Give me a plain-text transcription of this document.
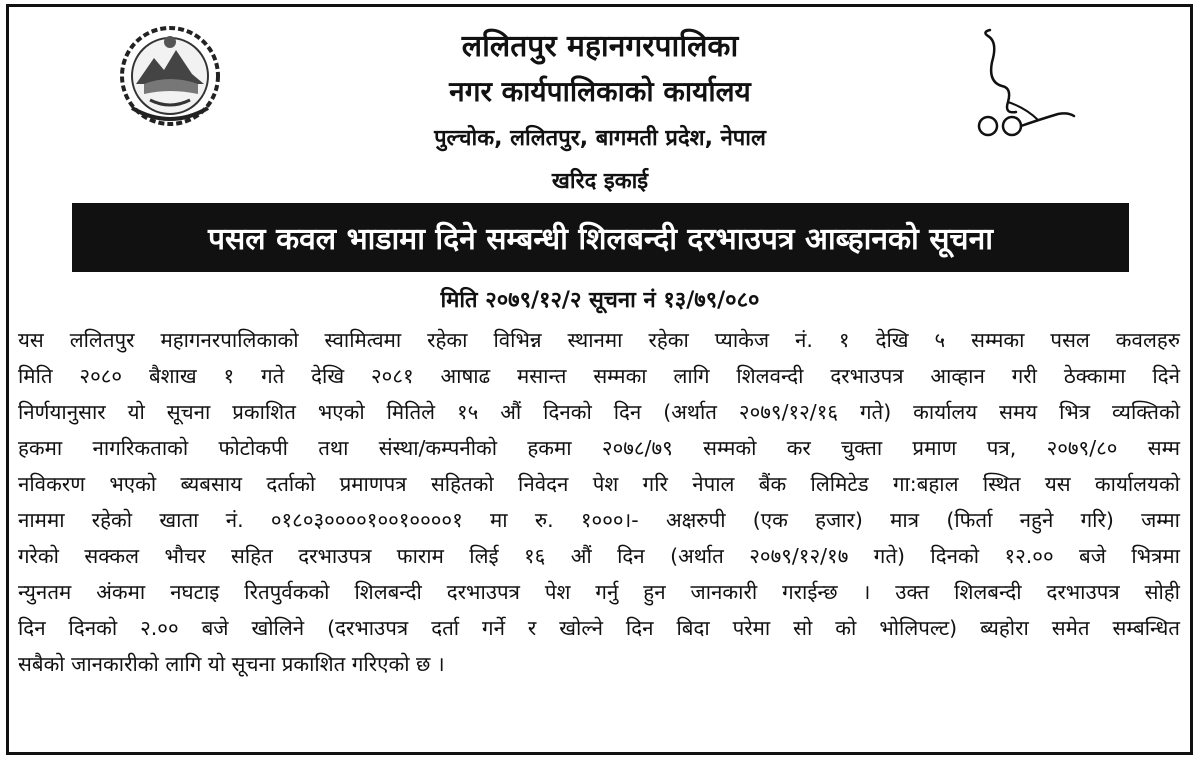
ललितपुर महानगरपालिका
नगर कार्यपालिकाको कार्यालय
पुल्चोक, ललितपुर, बागमती प्रदेश, नेपाल
खरिद इकाई
पसल कवल भाडामा दिने सम्बन्धी शिलबन्दी दरभाउपत्र आब्हानको सूचना
मिति २०७९/१२/२ सूचना नं १३/७९/०८०
यस ललितपुर महागनरपालिकाको स्वामित्वमा रहेका विभिन्न स्थानमा रहेका प्याकेज नं. १ देखि ५ सम्मका पसल कवलहरु
मिति २०८० बैशाख १ गते देखि २०८१ आषाढ मसान्त सम्मका लागि शिलवन्दी दरभाउपत्र आव्हान गरी ठेक्कामा दिने
निर्णयानुसार यो सूचना प्रकाशित भएको मितिले १५ औं दिनको दिन (अर्थात २०७९/१२/१६ गते) कार्यालय समय भित्र व्यक्तिको
हकमा नागरिकताको फोटोकपी तथा संस्था/कम्पनीको हकमा २०७८/७९ सम्मको कर चुक्ता प्रमाण पत्र, २०७९/८० सम्म
नविकरण भएको ब्यबसाय दर्ताको प्रमाणपत्र सहितको निवेदन पेश गरि नेपाल बैंक लिमिटेड गा:बहाल स्थित यस कार्यालयको
नाममा रहेको खाता नं. ०१८०३००००१००१००००१ मा रु. १०००।- अक्षरुपी (एक हजार) मात्र (फिर्ता नहुने गरि) जम्मा
गरेको सक्कल भौचर सहित दरभाउपत्र फाराम लिई १६ औं दिन (अर्थात २०७९/१२/१७ गते) दिनको १२.०० बजे भित्रमा
न्युनतम अंकमा नघटाइ रितपुर्वकको शिलबन्दी दरभाउपत्र पेश गर्नु हुन जानकारी गराईन्छ । उक्त शिलबन्दी दरभाउपत्र सोही
दिन दिनको २.०० बजे खोलिने (दरभाउपत्र दर्ता गर्ने र खोल्ने दिन बिदा परेमा सो को भोलिपल्ट) ब्यहोरा समेत सम्बन्धित
सबैको जानकारीको लागि यो सूचना प्रकाशित गरिएको छ ।
